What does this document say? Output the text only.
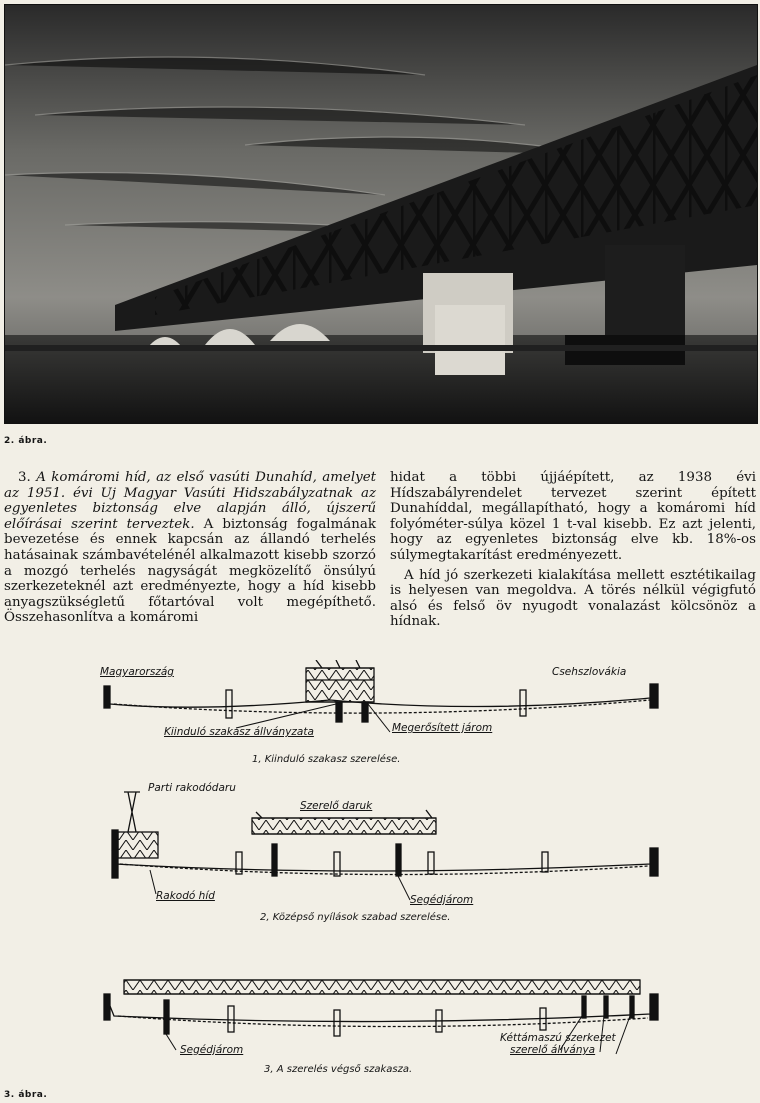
2. ábra.

3. A komáromi híd, az első vasúti Dunahíd, amelyet az 1951. évi Uj Magyar Vasúti Hidszabályzatnak az egyenletes biztonság elve alapján álló, újszerű előírásai szerint terveztek. A biztonság fogalmának bevezetése és ennek kapcsán az állandó terhelés hatásainak számbavételénél alkalmazott kisebb szorzó a mozgó terhelés nagyságát megközelítő önsúlyú szerkezeteknél azt eredményezte, hogy a híd kisebb anyagszükségletű főtartóval volt megépíthető. Összehasonlítva a komáromi

hidat a többi újjáépített, az 1938 évi Hídszabályrendelet tervezet szerint épített Dunahíddal, megállapítható, hogy a komáromi híd folyóméter-súlya közel 1 t-val kisebb. Ez azt jelenti, hogy az egyenletes biztonság elve kb. 18%-os súlymegtakarítást eredményezett.

A híd jó szerkezeti kialakítása mellett esztétikailag is helyesen van megoldva. A törés nélkül végigfutó alsó és felső öv nyugodt vonalazást kölcsönöz a hídnak.

Magyarország	Csehszlovákia
Kiinduló szakasz állványzata	Megerősített járom
1, Kiinduló szakasz szerelése.
Parti rakodódaru
Szerelő daruk
Rakodó híd	Segédjárom
2, Középső nyílások szabad szerelése.
Segédjárom
Kéttámaszú szerkezet
szerelő állványa
3, A szerelés végső szakasza.
3. ábra.
